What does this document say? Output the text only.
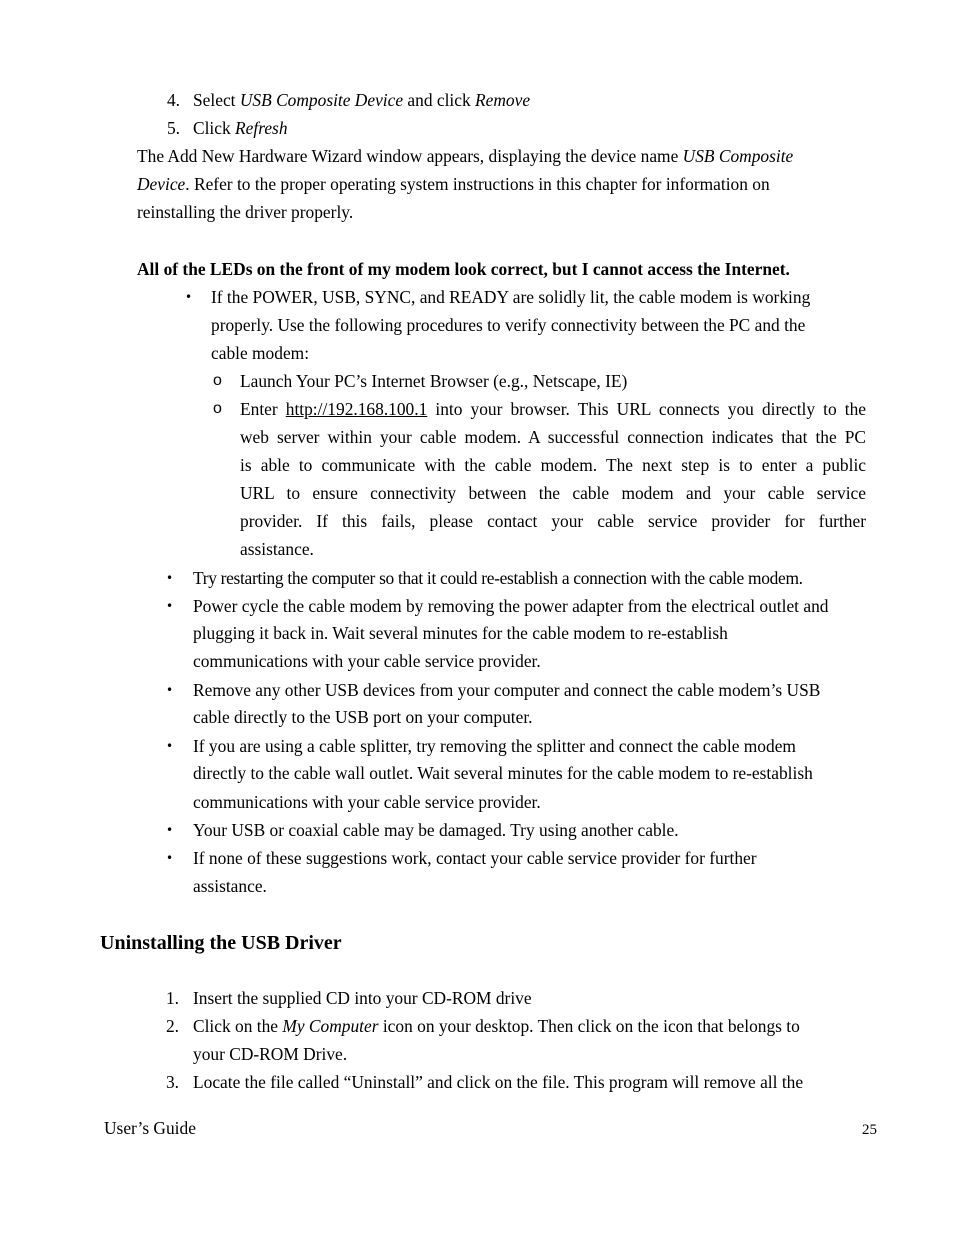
4. Select USB Composite Device and click Remove
5. Click Refresh
The Add New Hardware Wizard window appears, displaying the device name USB Composite
Device. Refer to the proper operating system instructions in this chapter for information on
reinstalling the driver properly.
All of the LEDs on the front of my modem look correct, but I cannot access the Internet.
• If the POWER, USB, SYNC, and READY are solidly lit, the cable modem is working
properly. Use the following procedures to verify connectivity between the PC and the
cable modem:
o Launch Your PC’s Internet Browser (e.g., Netscape, IE)
o Enter http://192.168.100.1 into your browser. This URL connects you directly to the
web server within your cable modem. A successful connection indicates that the PC
is able to communicate with the cable modem. The next step is to enter a public
URL to ensure connectivity between the cable modem and your cable service
provider. If this fails, please contact your cable service provider for further
assistance.
• Try restarting the computer so that it could re-establish a connection with the cable modem.
• Power cycle the cable modem by removing the power adapter from the electrical outlet and
plugging it back in. Wait several minutes for the cable modem to re-establish
communications with your cable service provider.
• Remove any other USB devices from your computer and connect the cable modem’s USB
cable directly to the USB port on your computer.
• If you are using a cable splitter, try removing the splitter and connect the cable modem
directly to the cable wall outlet. Wait several minutes for the cable modem to re-establish
communications with your cable service provider.
• Your USB or coaxial cable may be damaged. Try using another cable.
• If none of these suggestions work, contact your cable service provider for further
assistance.
Uninstalling the USB Driver
1. Insert the supplied CD into your CD-ROM drive
2. Click on the My Computer icon on your desktop. Then click on the icon that belongs to
your CD-ROM Drive.
3. Locate the file called “Uninstall” and click on the file. This program will remove all the
User’s Guide	25
